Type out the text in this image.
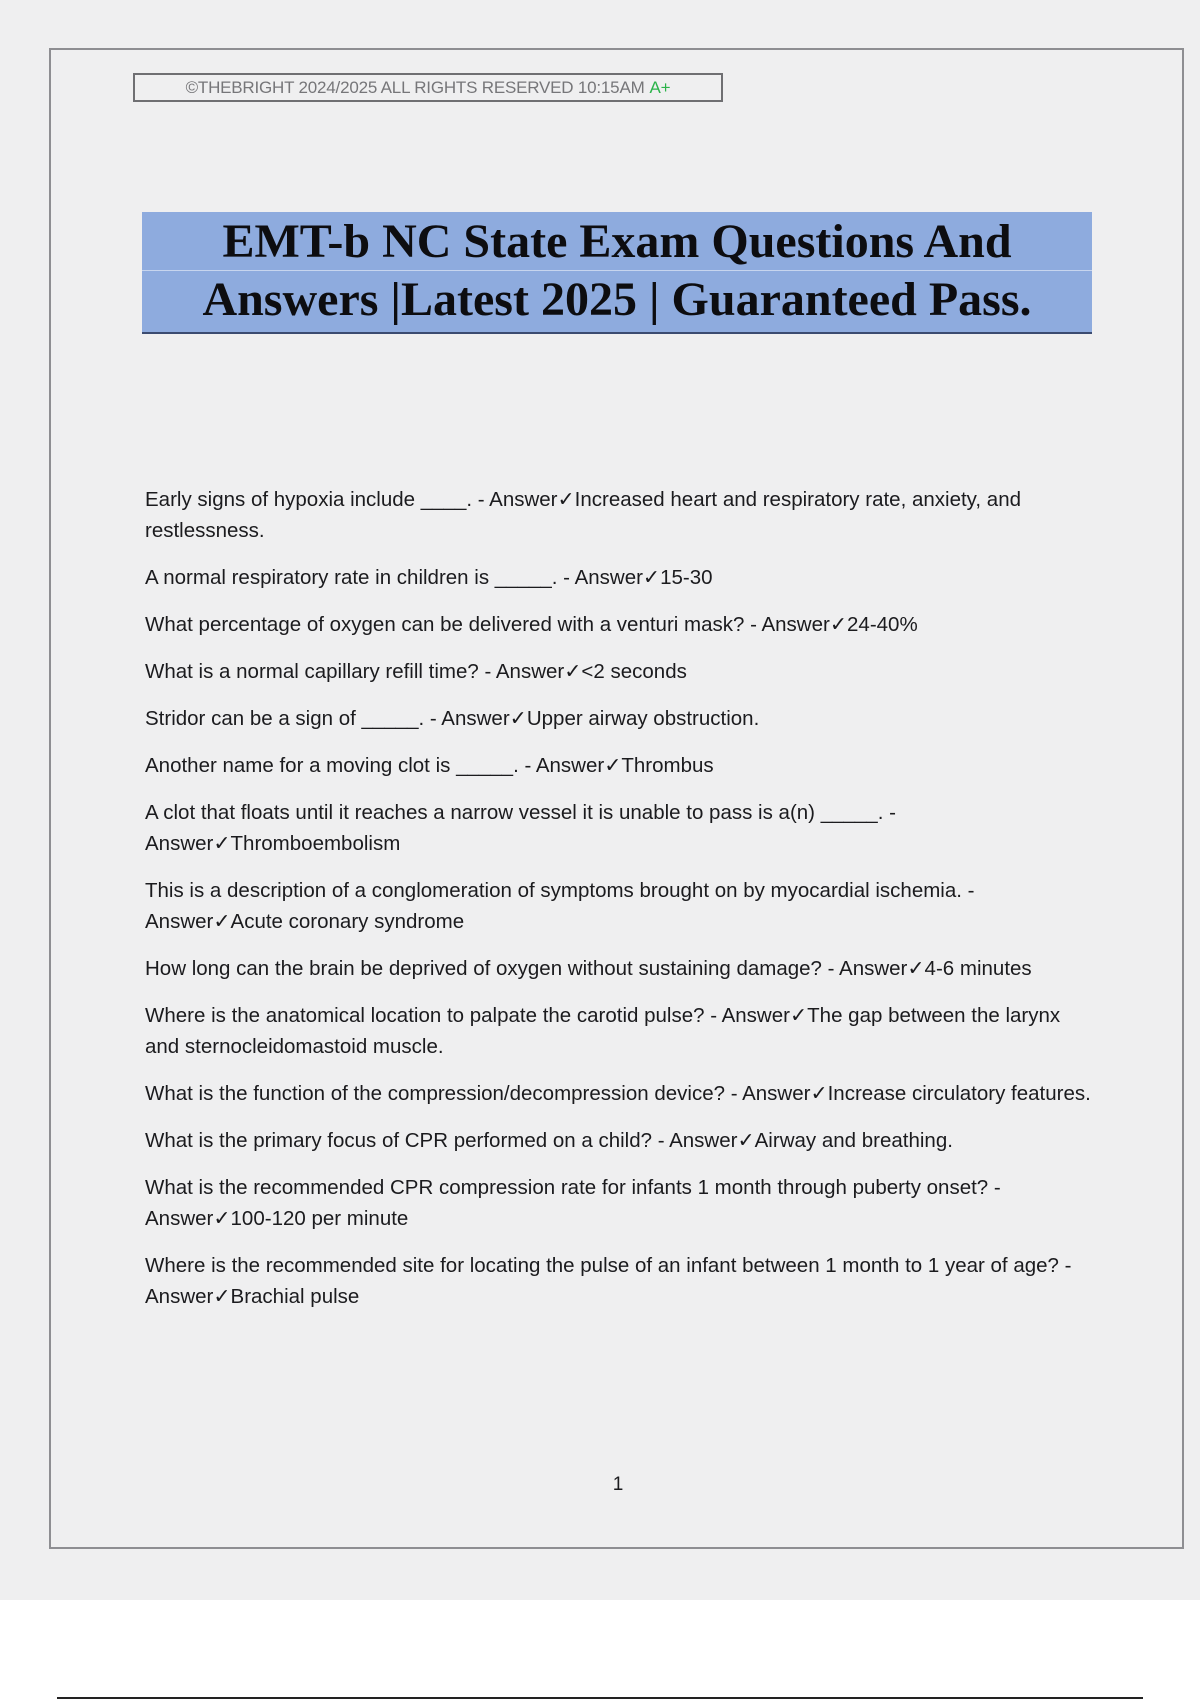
©THEBRIGHT 2024/2025 ALL RIGHTS RESERVED 10:15AM A+
EMT-b NC State Exam Questions And
Answers |Latest 2025 | Guaranteed Pass.
Early signs of hypoxia include ____. - Answer✓Increased heart and respiratory rate, anxiety, and restlessness.
A normal respiratory rate in children is _____. - Answer✓15-30
What percentage of oxygen can be delivered with a venturi mask? - Answer✓24-40%
What is a normal capillary refill time? - Answer✓<2 seconds
Stridor can be a sign of _____. - Answer✓Upper airway obstruction.
Another name for a moving clot is _____. - Answer✓Thrombus
A clot that floats until it reaches a narrow vessel it is unable to pass is a(n) _____. - Answer✓Thromboembolism
This is a description of a conglomeration of symptoms brought on by myocardial ischemia. - Answer✓Acute coronary syndrome
How long can the brain be deprived of oxygen without sustaining damage? - Answer✓4-6 minutes
Where is the anatomical location to palpate the carotid pulse? - Answer✓The gap between the larynx and sternocleidomastoid muscle.
What is the function of the compression/decompression device? - Answer✓Increase circulatory features.
What is the primary focus of CPR performed on a child? - Answer✓Airway and breathing.
What is the recommended CPR compression rate for infants 1 month through puberty onset? - Answer✓100-120 per minute
Where is the recommended site for locating the pulse of an infant between 1 month to 1 year of age? - Answer✓Brachial pulse
1
